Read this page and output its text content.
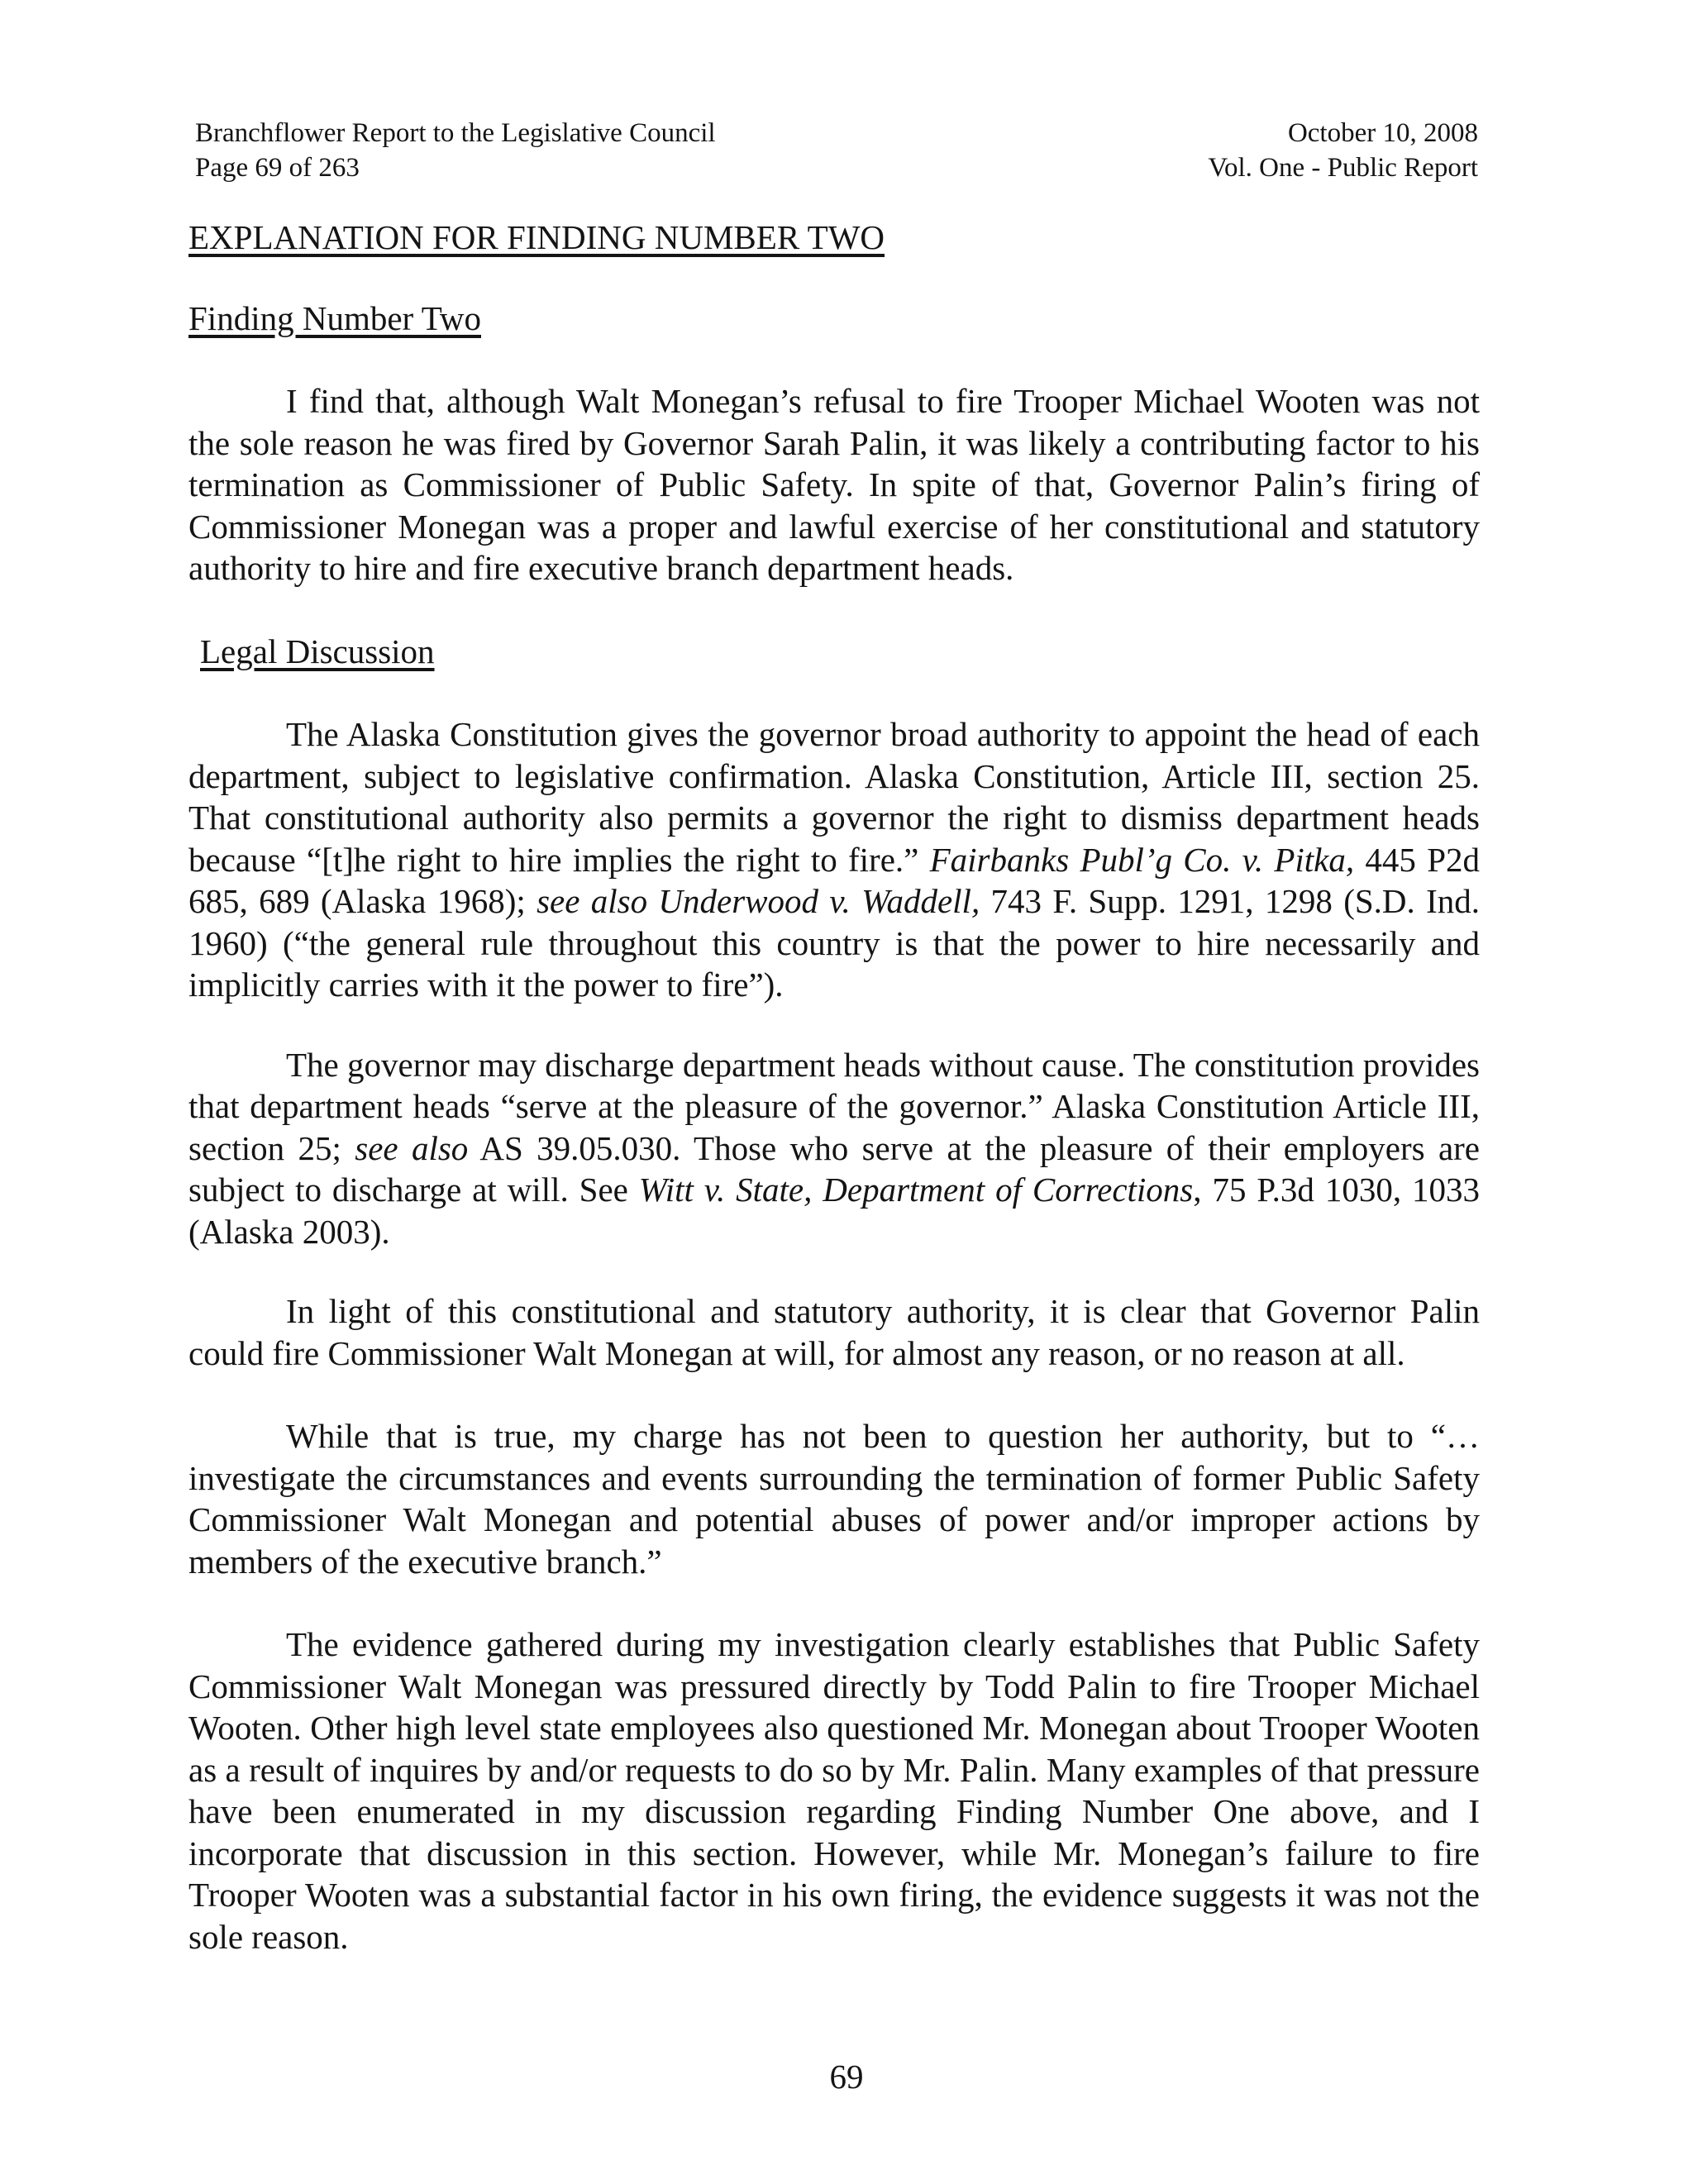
Branchflower Report to the Legislative Council
Page 69 of 263
October 10, 2008
Vol. One - Public Report
EXPLANATION FOR FINDING NUMBER TWO
Finding Number Two

I find that, although Walt Monegan’s refusal to fire Trooper Michael Wooten was not the sole reason he was fired by Governor Sarah Palin, it was likely a contributing factor to his termination as Commissioner of Public Safety. In spite of that, Governor Palin’s firing of Commissioner Monegan was a proper and lawful exercise of her constitutional and statutory authority to hire and fire executive branch department heads.

Legal Discussion

The Alaska Constitution gives the governor broad authority to appoint the head of each department, subject to legislative confirmation. Alaska Constitution, Article III, section 25. That constitutional authority also permits a governor the right to dismiss department heads because “[t]he right to hire implies the right to fire.” Fairbanks Publ’g Co. v. Pitka, 445 P2d 685, 689 (Alaska 1968); see also Underwood v. Waddell, 743 F. Supp. 1291, 1298 (S.D. Ind. 1960) (“the general rule throughout this country is that the power to hire necessarily and implicitly carries with it the power to fire”).

The governor may discharge department heads without cause. The constitution provides that department heads “serve at the pleasure of the governor.” Alaska Constitution Article III, section 25; see also AS 39.05.030. Those who serve at the pleasure of their employers are subject to discharge at will. See Witt v. State, Department of Corrections, 75 P.3d 1030, 1033 (Alaska 2003).

In light of this constitutional and statutory authority, it is clear that Governor Palin could fire Commissioner Walt Monegan at will, for almost any reason, or no reason at all.

While that is true, my charge has not been to question her authority, but to “…investigate the circumstances and events surrounding the termination of former Public Safety Commissioner Walt Monegan and potential abuses of power and/or improper actions by members of the executive branch.”

The evidence gathered during my investigation clearly establishes that Public Safety Commissioner Walt Monegan was pressured directly by Todd Palin to fire Trooper Michael Wooten. Other high level state employees also questioned Mr. Monegan about Trooper Wooten as a result of inquires by and/or requests to do so by Mr. Palin. Many examples of that pressure have been enumerated in my discussion regarding Finding Number One above, and I incorporate that discussion in this section. However, while Mr. Monegan’s failure to fire Trooper Wooten was a substantial factor in his own firing, the evidence suggests it was not the sole reason.

69
